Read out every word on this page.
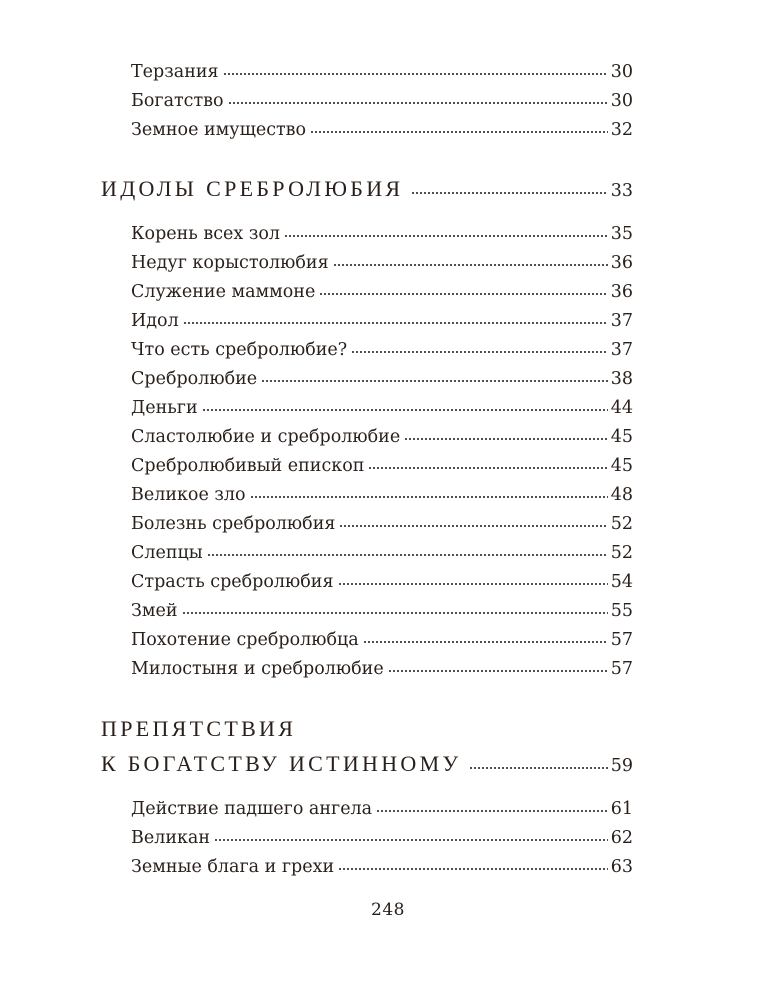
Терзания	30
Богатство	30
Земное имущество	32
ИДОЛЫ СРЕБРОЛЮБИЯ	33
Корень всех зол	35
Недуг корыстолюбия	36
Служение маммоне	36
Идол	37
Что есть сребролюбие?	37
Сребролюбие	38
Деньги	44
Сластолюбие и сребролюбие	45
Сребролюбивый епископ	45
Великое зло	48
Болезнь сребролюбия	52
Слепцы	52
Страсть сребролюбия	54
Змей	55
Похотение сребролюбца	57
Милостыня и сребролюбие	57
ПРЕПЯТСТВИЯ
К БОГАТСТВУ ИСТИННОМУ	59
Действие падшего ангела	61
Великан	62
Земные блага и грехи	63
248
